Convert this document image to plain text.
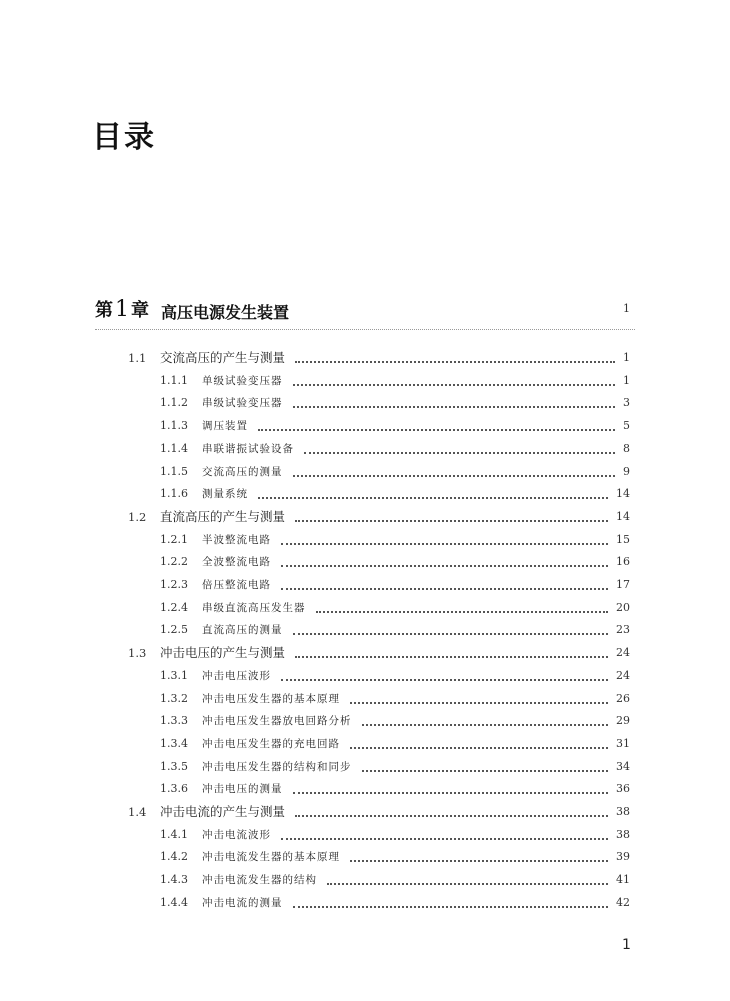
目录
第1 章 高压电源发生装置	1
1.1 交流高压的产生与测量	1
1.1.1 单级试验变压器	1
1.1.2 串级试验变压器	3
1.1.3 调压装置	5
1.1.4 串联谐振试验设备	8
1.1.5 交流高压的测量	9
1.1.6 测量系统	14
1.2 直流高压的产生与测量	14
1.2.1 半波整流电路	15
1.2.2 全波整流电路	16
1.2.3 倍压整流电路	17
1.2.4 串级直流高压发生器	20
1.2.5 直流高压的测量	23
1.3 冲击电压的产生与测量	24
1.3.1 冲击电压波形	24
1.3.2 冲击电压发生器的基本原理	26
1.3.3 冲击电压发生器放电回路分析	29
1.3.4 冲击电压发生器的充电回路	31
1.3.5 冲击电压发生器的结构和同步	34
1.3.6 冲击电压的测量	36
1.4 冲击电流的产生与测量	38
1.4.1 冲击电流波形	38
1.4.2 冲击电流发生器的基本原理	39
1.4.3 冲击电流发生器的结构	41
1.4.4 冲击电流的测量	42
1
